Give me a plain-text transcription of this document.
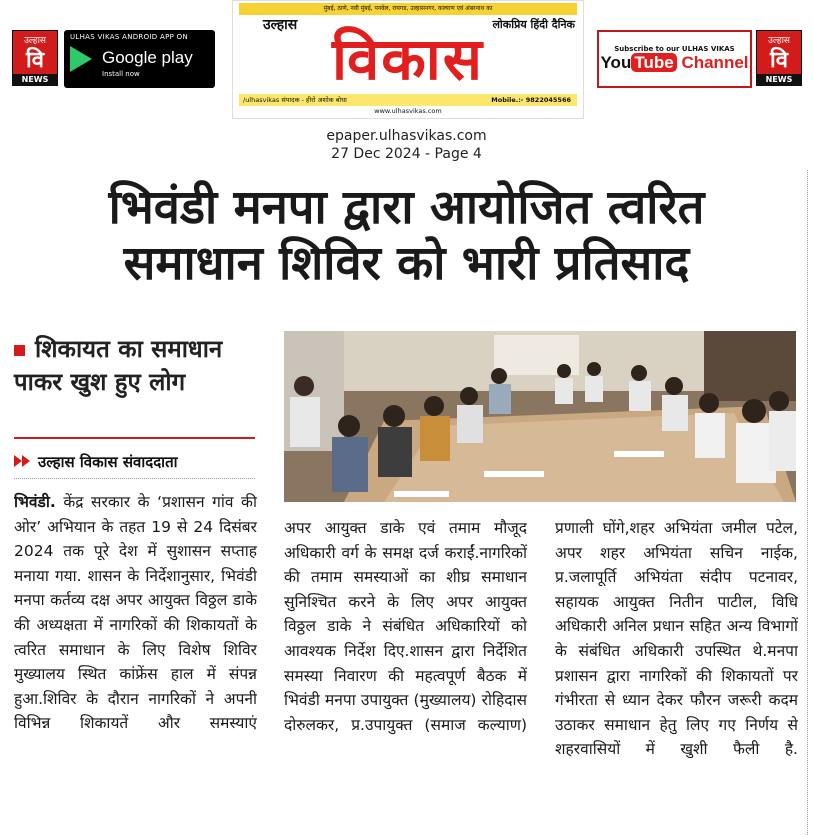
उल्हास
वि
NEWS
ULHAS VIKAS ANDROID APP ON
Google play
Install now
मुंबई, ठाणे, नवी मुंबई, पनवेल, रायगड, उल्हासनगर, कल्याण एवं अंबरनाथ का
उल्हास	लोकप्रिय हिंदी दैनिक
विकास
/ulhasvikas संपादक - हीरो अशोक बोधा	Mobile.:- 9822045566
www.ulhasvikas.com
Subscribe to our ULHAS VIKAS
You Tube Channel
उल्हास
वि
NEWS
epaper.ulhasvikas.com
27 Dec 2024 - Page 4
भिवंडी मनपा द्वारा आयोजित त्वरित
समाधान शिविर को भारी प्रतिसाद
शिकायत का समाधान पाकर खुश हुए लोग
उल्हास विकास संवाददाता
भिवंडी. केंद्र सरकार के ‘प्रशासन गांव की ओर’ अभियान के तहत 19 से 24 दिसंबर 2024 तक पूरे देश में सुशासन सप्ताह मनाया गया. शासन के निर्देशानुसार, भिवंडी मनपा कर्तव्य दक्ष अपर आयुक्त विठ्ठल डाके की अध्यक्षता में नागरिकों की शिकायतों के त्वरित समाधान के लिए विशेष शिविर मुख्यालय स्थित कांफ्रेंस हाल में संपन्न हुआ.शिविर के दौरान नागरिकों ने अपनी विभिन्न शिकायतें और समस्याएं
अपर आयुक्त डाके एवं तमाम मौजूद अधिकारी वर्ग के समक्ष दर्ज कराईं.नागरिकों की तमाम समस्याओं का शीघ्र समाधान सुनिश्चित करने के लिए अपर आयुक्त विठ्ठल डाके ने संबंधित अधिकारियों को आवश्यक निर्देश दिए.शासन द्वारा निर्देशित समस्या निवारण की महत्वपूर्ण बैठक में भिवंडी मनपा उपायुक्त (मुख्यालय) रोहिदास दोरुलकर, प्र.उपायुक्त (समाज कल्याण)
प्रणाली घोंगे,शहर अभियंता जमील पटेल, अपर शहर अभियंता सचिन नाईक, प्र.जलापूर्ति अभियंता संदीप पटनावर, सहायक आयुक्त नितीन पाटील, विधि अधिकारी अनिल प्रधान सहित अन्य विभागों के संबंधित अधिकारी उपस्थित थे.मनपा प्रशासन द्वारा नागरिकों की शिकायतों पर गंभीरता से ध्यान देकर फौरन जरूरी कदम उठाकर समाधान हेतु लिए गए निर्णय से शहरवासियों में खुशी फैली है.
